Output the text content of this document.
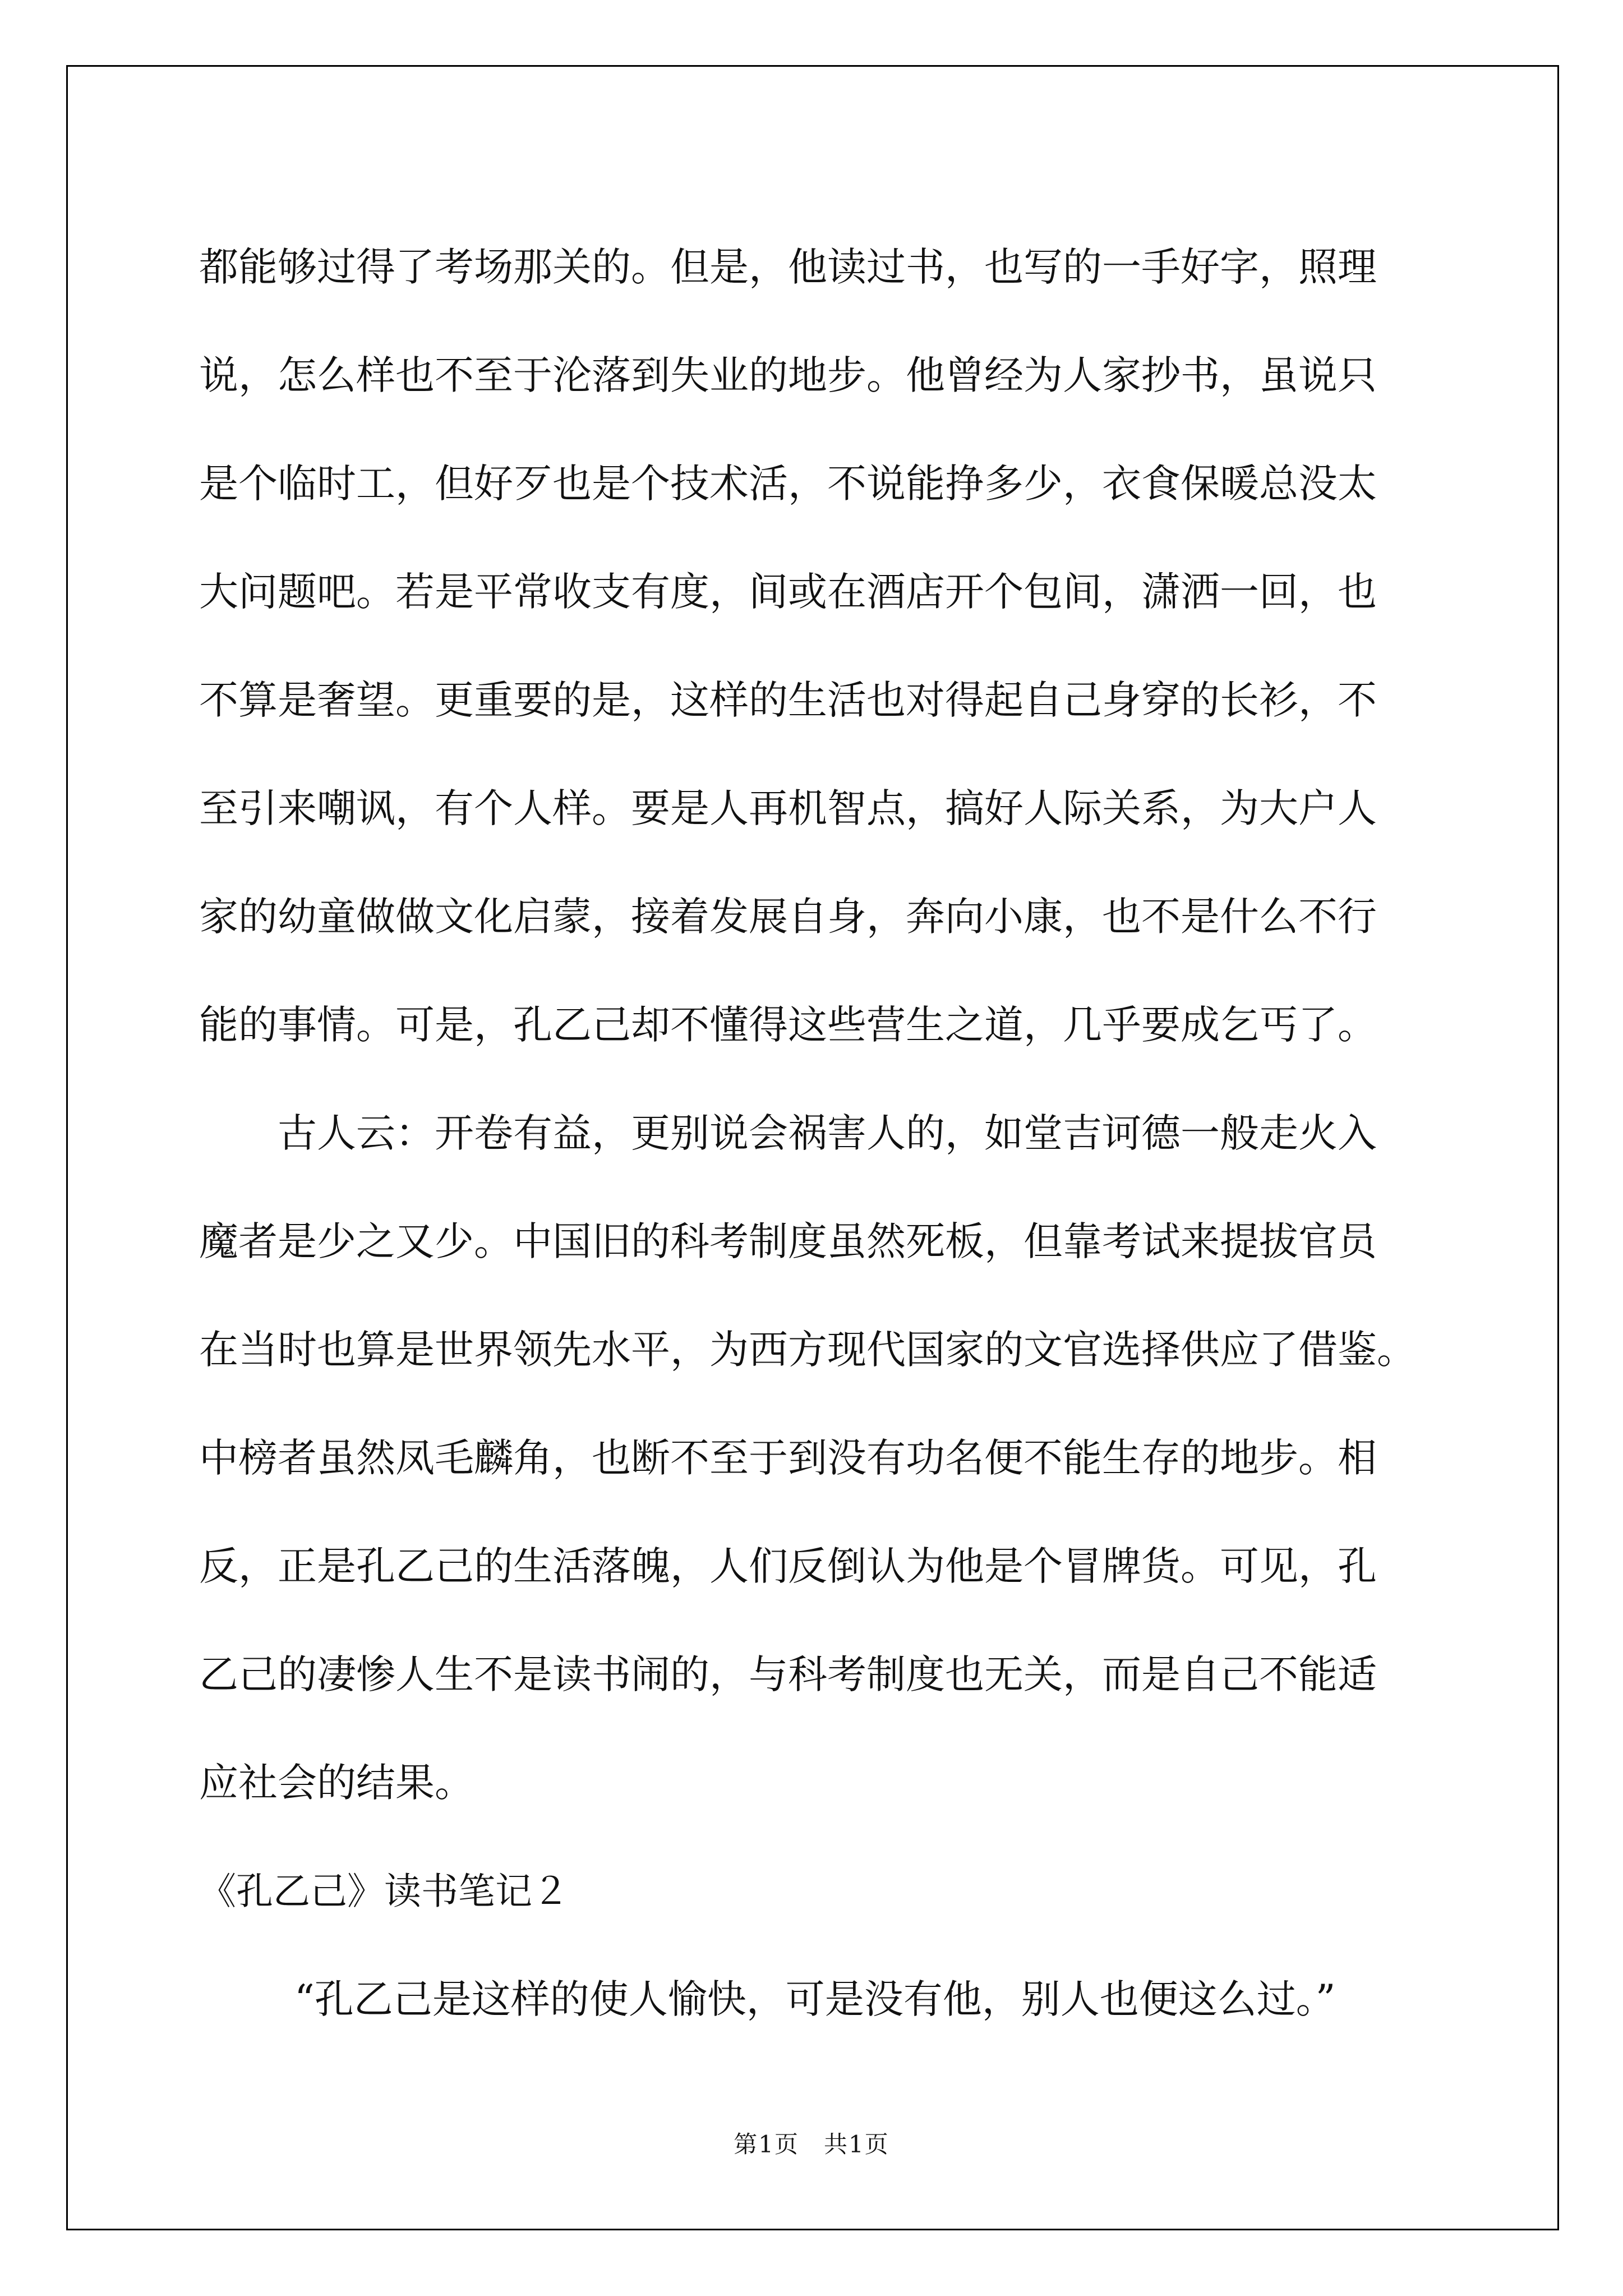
都能够过得了考场那关的。但是，他读过书，也写的一手好字，照理

说，怎么样也不至于沦落到失业的地步。他曾经为人家抄书，虽说只

是个临时工，但好歹也是个技术活，不说能挣多少，衣食保暖总没太

大问题吧。若是平常收支有度，间或在酒店开个包间，潇洒一回，也

不算是奢望。更重要的是，这样的生活也对得起自己身穿的长衫，不

至引来嘲讽，有个人样。要是人再机智点，搞好人际关系，为大户人

家的幼童做做文化启蒙，接着发展自身，奔向小康，也不是什么不行

能的事情。可是，孔乙己却不懂得这些营生之道，几乎要成乞丐了。

古人云：开卷有益，更别说会祸害人的，如堂吉诃德一般走火入

魔者是少之又少。中国旧的科考制度虽然死板，但靠考试来提拔官员

在当时也算是世界领先水平，为西方现代国家的文官选择供应了借鉴。

中榜者虽然凤毛麟角，也断不至于到没有功名便不能生存的地步。相

反，正是孔乙己的生活落魄，人们反倒认为他是个冒牌货。可见，孔

乙己的凄惨人生不是读书闹的，与科考制度也无关，而是自己不能适

应社会的结果。

《孔乙己》读书笔记２

“孔乙己是这样的使人愉快，可是没有他，别人也便这么过。”

第1页　共1页
